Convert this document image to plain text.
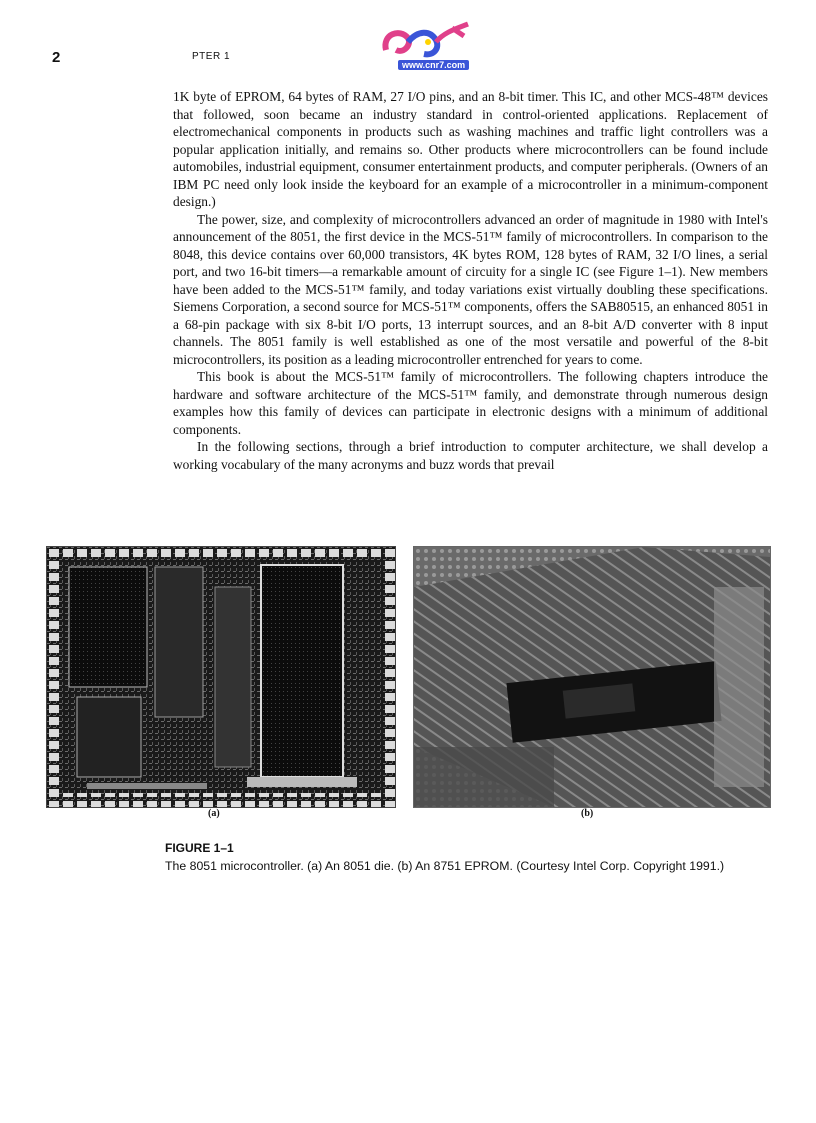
2	PTER 1
www.cnr7.com

1K byte of EPROM, 64 bytes of RAM, 27 I/O pins, and an 8-bit timer. This IC, and other MCS-48™ devices that followed, soon became an industry standard in control-oriented applications. Replacement of electromechanical components in products such as washing machines and traffic light controllers was a popular application initially, and remains so. Other products where microcontrollers can be found include automobiles, industrial equipment, consumer entertainment products, and computer peripherals. (Owners of an IBM PC need only look inside the keyboard for an example of a microcontroller in a minimum-component design.)

The power, size, and complexity of microcontrollers advanced an order of magnitude in 1980 with Intel's announcement of the 8051, the first device in the MCS-51™ family of microcontrollers. In comparison to the 8048, this device contains over 60,000 transistors, 4K bytes ROM, 128 bytes of RAM, 32 I/O lines, a serial port, and two 16-bit timers—a remarkable amount of circuity for a single IC (see Figure 1–1). New members have been added to the MCS-51™ family, and today variations exist virtually doubling these specifications. Siemens Corporation, a second source for MCS-51™ components, offers the SAB80515, an enhanced 8051 in a 68-pin package with six 8-bit I/O ports, 13 interrupt sources, and an 8-bit A/D converter with 8 input channels. The 8051 family is well established as one of the most versatile and powerful of the 8-bit microcontrollers, its position as a leading microcontroller entrenched for years to come.

This book is about the MCS-51™ family of microcontrollers. The following chapters introduce the hardware and software architecture of the MCS-51™ family, and demonstrate through numerous design examples how this family of devices can participate in electronic designs with a minimum of additional components.

In the following sections, through a brief introduction to computer architecture, we shall develop a working vocabulary of the many acronyms and buzz words that prevail

(a)	(b)
FIGURE 1–1
The 8051 microcontroller. (a) An 8051 die. (b) An 8751 EPROM. (Courtesy Intel Corp. Copyright 1991.)
